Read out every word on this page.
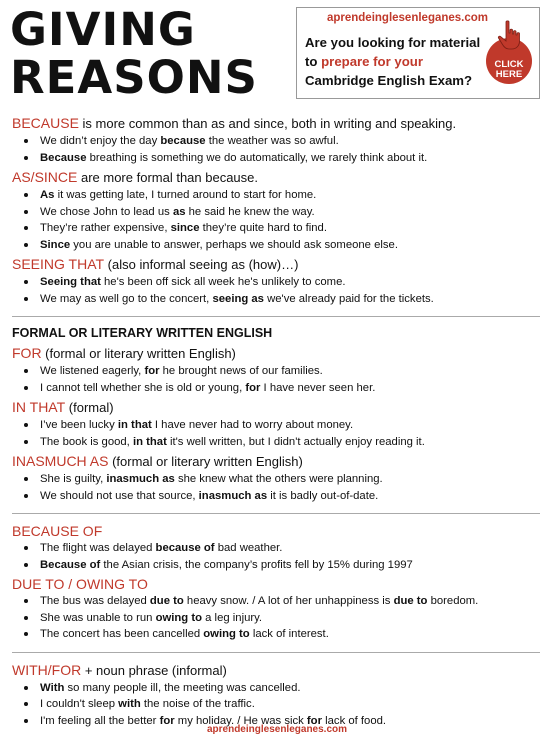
GIVING
REASONS
aprendeinglesenleganes.com
Are you looking for material
to prepare for your
Cambridge English Exam?
CLICK
HERE
BECAUSE is more common than as and since, both in writing and speaking.
We didn’t enjoy the day because the weather was so awful.
Because breathing is something we do automatically, we rarely think about it.
AS/SINCE are more formal than because.
As it was getting late, I turned around to start for home.
We chose John to lead us as he said he knew the way.
They’re rather expensive, since they’re quite hard to find.
Since you are unable to answer, perhaps we should ask someone else.
SEEING THAT (also informal seeing as (how)…)
Seeing that he's been off sick all week he's unlikely to come.
We may as well go to the concert, seeing as we've already paid for the tickets.
FORMAL OR LITERARY WRITTEN ENGLISH
FOR (formal or literary written English)
We listened eagerly, for he brought news of our families.
I cannot tell whether she is old or young, for I have never seen her.
IN THAT (formal)
I’ve been lucky in that I have never had to worry about money.
The book is good, in that it's well written, but I didn't actually enjoy reading it.
INASMUCH AS (formal or literary written English)
She is guilty, inasmuch as she knew what the others were planning.
We should not use that source, inasmuch as it is badly out-of-date.
BECAUSE OF
The flight was delayed because of bad weather.
Because of the Asian crisis, the company’s profits fell by 15% during 1997
DUE TO / OWING TO
The bus was delayed due to heavy snow. / A lot of her unhappiness is due to boredom.
She was unable to run owing to a leg injury.
The concert has been cancelled owing to lack of interest.
WITH/FOR + noun phrase (informal)
With so many people ill, the meeting was cancelled.
I couldn't sleep with the noise of the traffic.
I'm feeling all the better for my holiday. / He was sick for lack of food.
aprendeinglesenleganes.com
